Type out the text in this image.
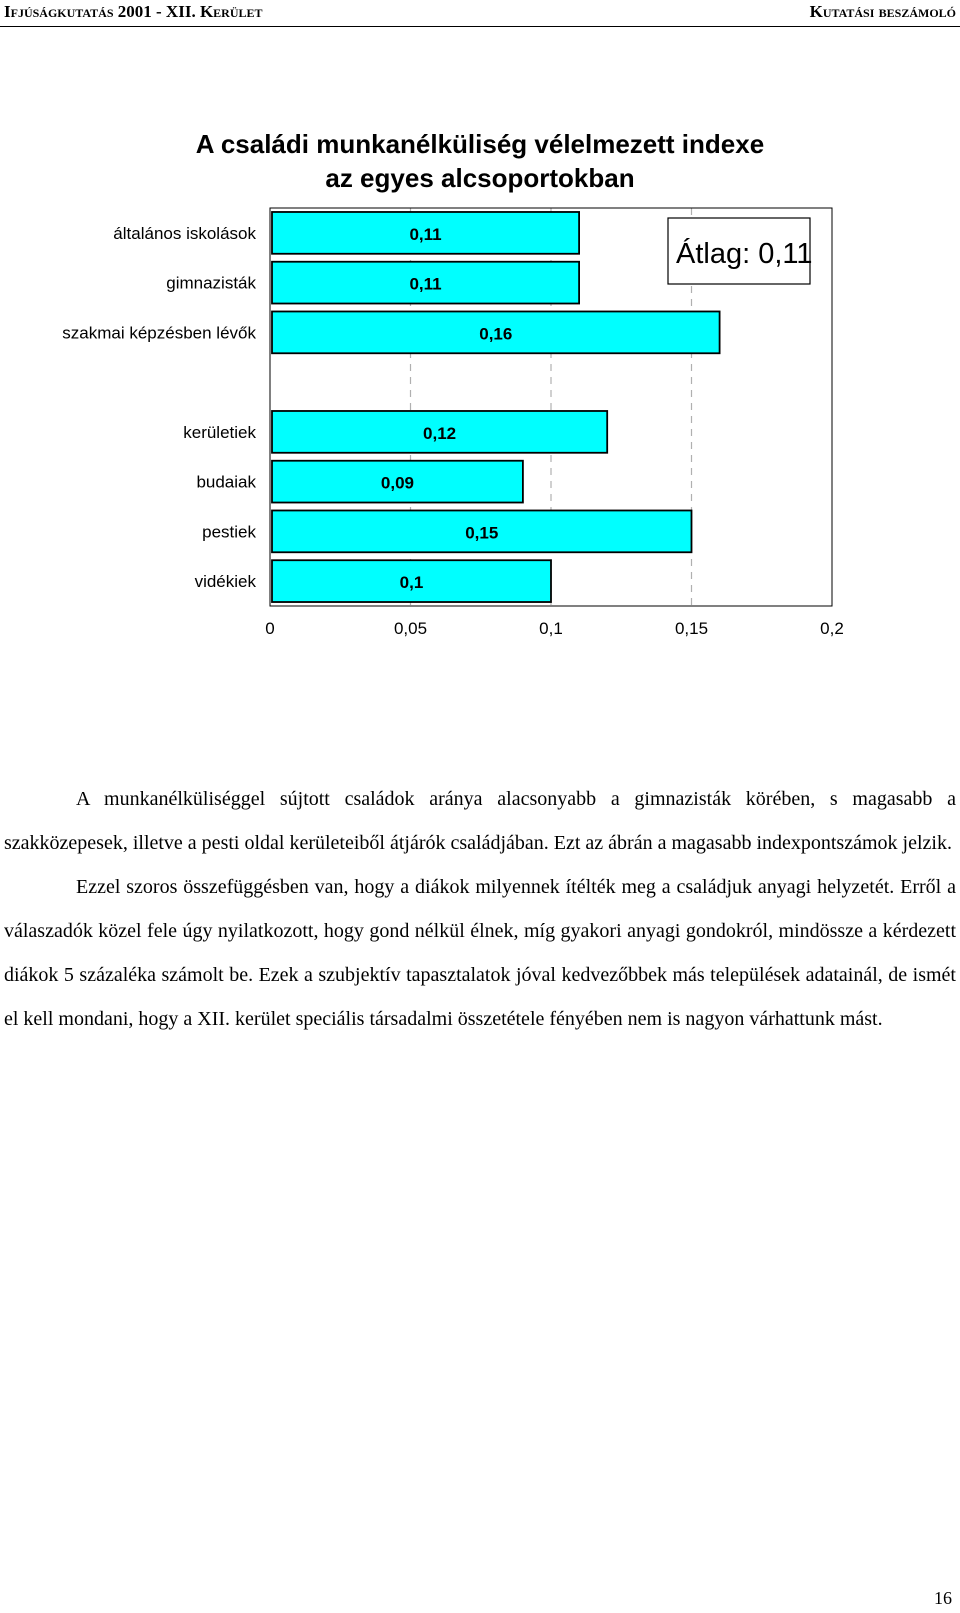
Ifjúságkutatás 2001 - XII. Kerület	Kutatási beszámoló
A családi munkanélküliség vélelmezett indexe
az egyes alcsoportokban
általános iskolások	0,11
gimnazisták	0,11
szakmai képzésben lévők	0,16
kerületiek	0,12
budaiak	0,09
pestiek	0,15
vidékiek	0,1
0	0,05	0,1	0,15	0,2
Átlag: 0,11

A munkanélküliséggel sújtott családok aránya alacsonyabb a gimnazisták körében, s magasabb a szakközepesek, illetve a pesti oldal kerületeiből átjárók családjában. Ezt az ábrán a magasabb indexpontszámok jelzik.

Ezzel szoros összefüggésben van, hogy a diákok milyennek ítélték meg a családjuk anyagi helyzetét. Erről a válaszadók közel fele úgy nyilatkozott, hogy gond nélkül élnek, míg gyakori anyagi gondokról, mindössze a kérdezett diákok 5 százaléka számolt be. Ezek a szubjektív tapasztalatok jóval kedvezőbbek más települések adatainál, de ismét el kell mondani, hogy a XII. kerület speciális társadalmi összetétele fényében nem is nagyon várhattunk mást.

16
